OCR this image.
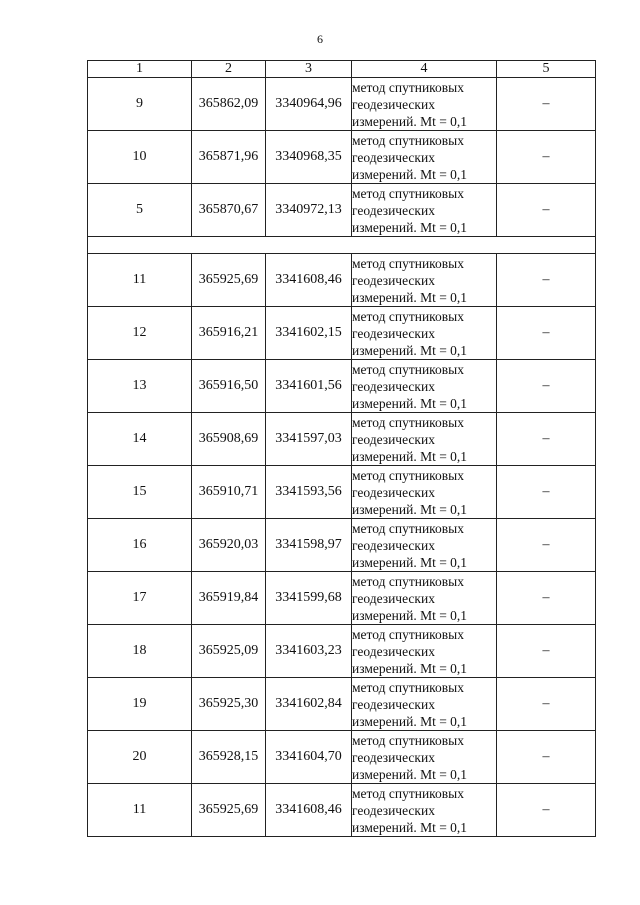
6
1	2	3	4	5
9	365862,09	3340964,96	метод спутниковых
геодезических
измерений. Mt = 0,1	–
10	365871,96	3340968,35	метод спутниковых
геодезических
измерений. Mt = 0,1	–
5	365870,67	3340972,13	метод спутниковых
геодезических
измерений. Mt = 0,1	–

11	365925,69	3341608,46	метод спутниковых
геодезических
измерений. Mt = 0,1	–
12	365916,21	3341602,15	метод спутниковых
геодезических
измерений. Mt = 0,1	–
13	365916,50	3341601,56	метод спутниковых
геодезических
измерений. Mt = 0,1	–
14	365908,69	3341597,03	метод спутниковых
геодезических
измерений. Mt = 0,1	–
15	365910,71	3341593,56	метод спутниковых
геодезических
измерений. Mt = 0,1	–
16	365920,03	3341598,97	метод спутниковых
геодезических
измерений. Mt = 0,1	–
17	365919,84	3341599,68	метод спутниковых
геодезических
измерений. Mt = 0,1	–
18	365925,09	3341603,23	метод спутниковых
геодезических
измерений. Mt = 0,1	–
19	365925,30	3341602,84	метод спутниковых
геодезических
измерений. Mt = 0,1	–
20	365928,15	3341604,70	метод спутниковых
геодезических
измерений. Mt = 0,1	–
11	365925,69	3341608,46	метод спутниковых
геодезических
измерений. Mt = 0,1	–
